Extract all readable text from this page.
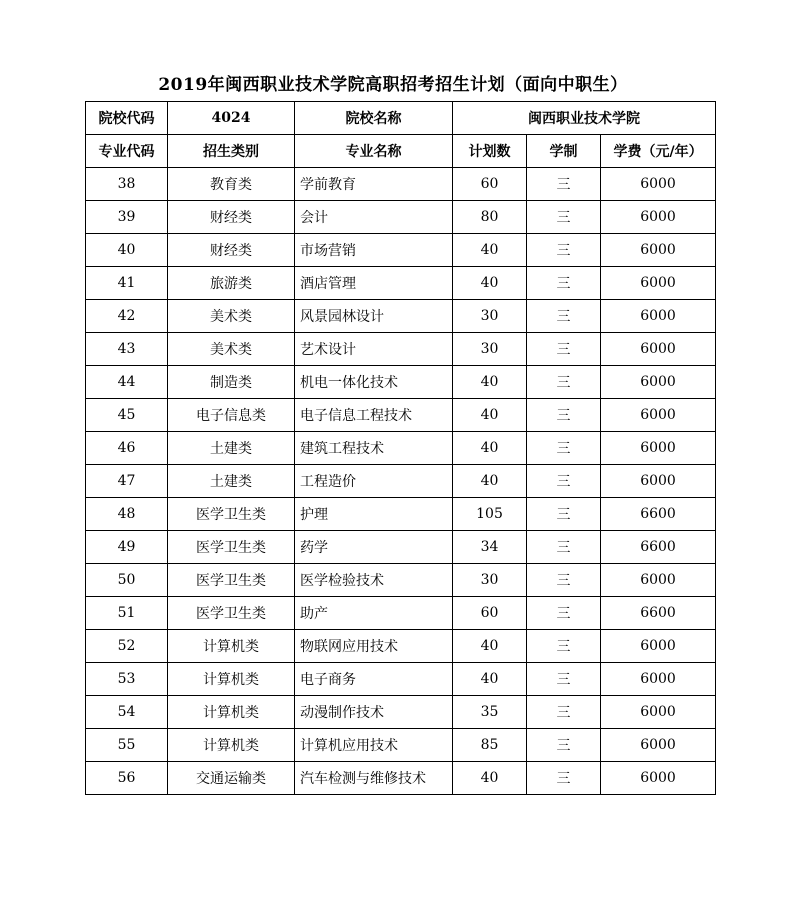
2019年闽西职业技术学院高职招考招生计划（面向中职生）
院校代码	4024	院校名称	闽西职业技术学院		
专业代码	招生类别	专业名称	计划数	学制	学费（元/年）
38	教育类	学前教育	60	三	6000
39	财经类	会计	80	三	6000
40	财经类	市场营销	40	三	6000
41	旅游类	酒店管理	40	三	6000
42	美术类	风景园林设计	30	三	6000
43	美术类	艺术设计	30	三	6000
44	制造类	机电一体化技术	40	三	6000
45	电子信息类	电子信息工程技术	40	三	6000
46	土建类	建筑工程技术	40	三	6000
47	土建类	工程造价	40	三	6000
48	医学卫生类	护理	105	三	6600
49	医学卫生类	药学	34	三	6600
50	医学卫生类	医学检验技术	30	三	6000
51	医学卫生类	助产	60	三	6600
52	计算机类	物联网应用技术	40	三	6000
53	计算机类	电子商务	40	三	6000
54	计算机类	动漫制作技术	35	三	6000
55	计算机类	计算机应用技术	85	三	6000
56	交通运输类	汽车检测与维修技术	40	三	6000
